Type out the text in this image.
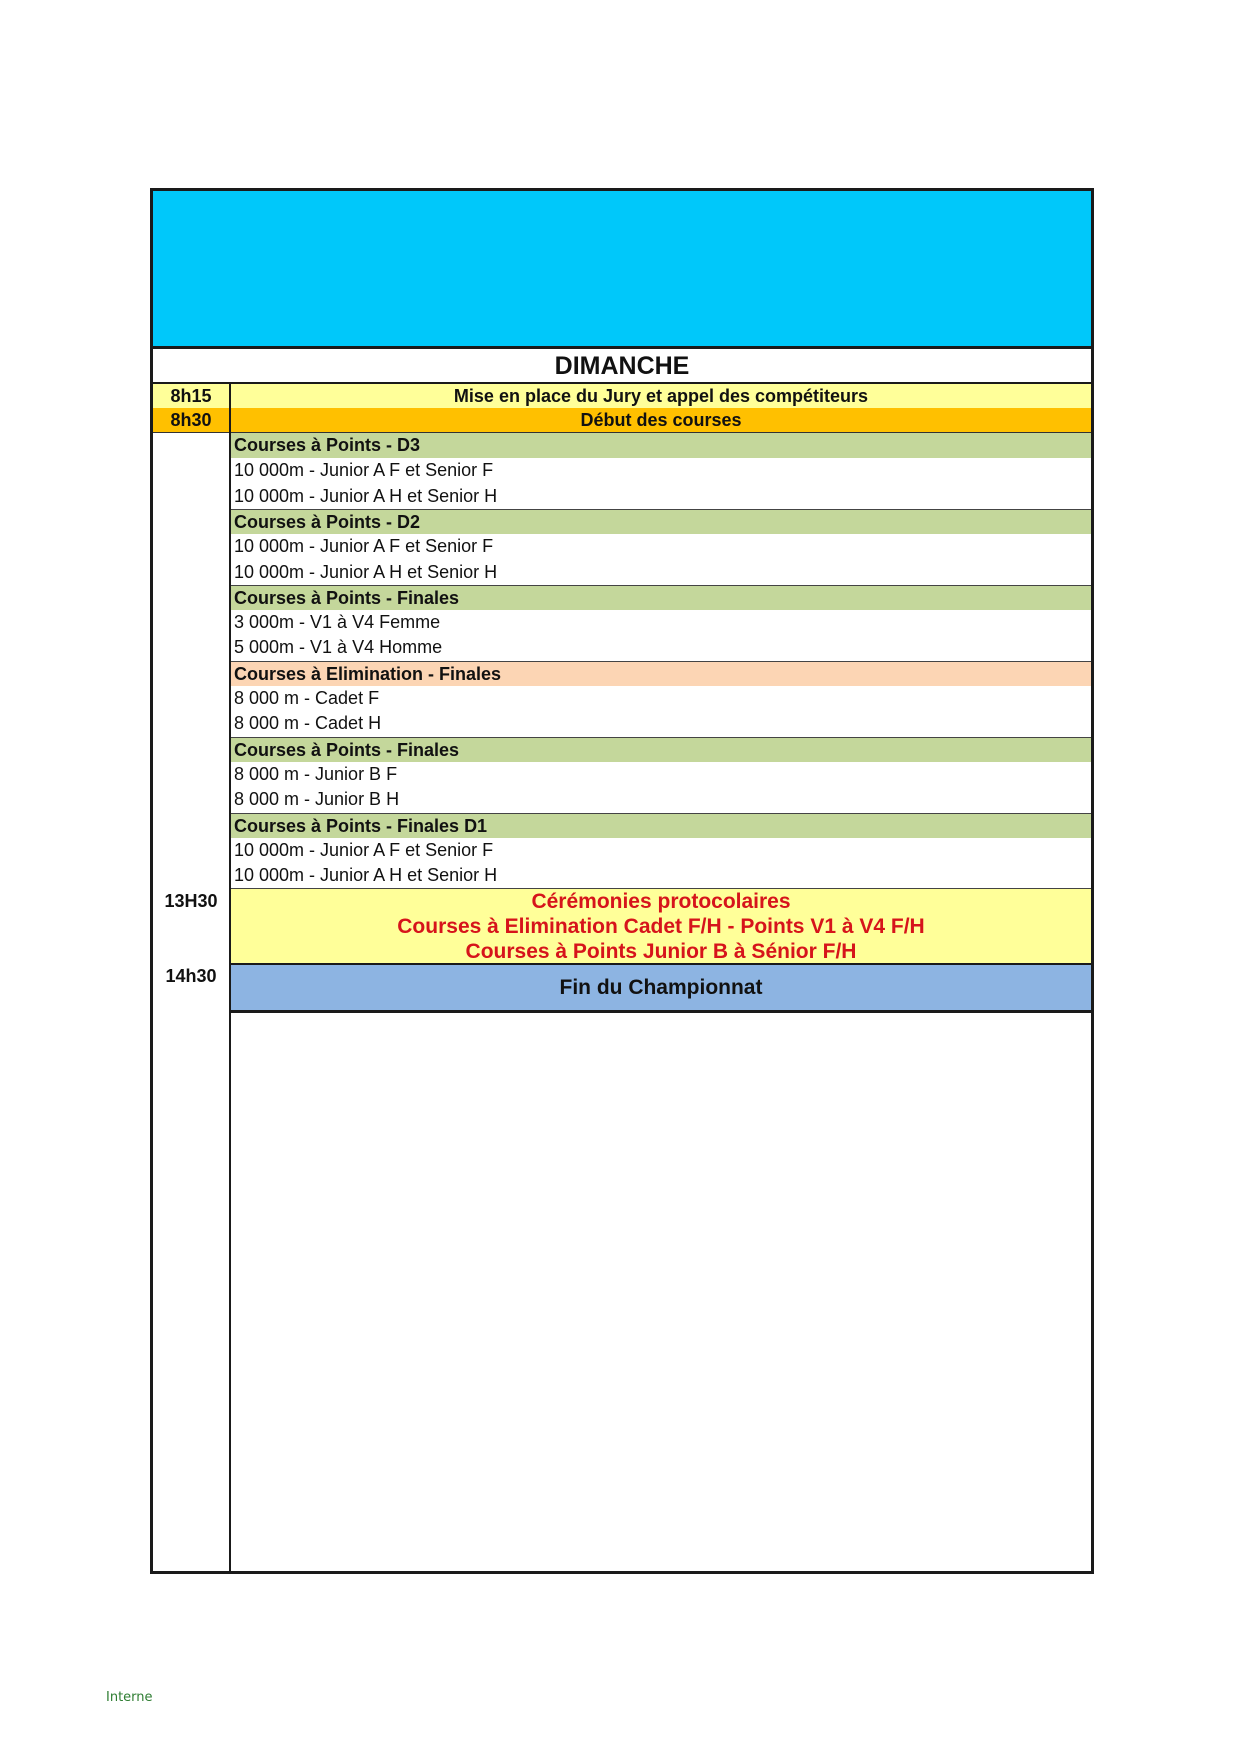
DIMANCHE
8h15	Mise en place du Jury et appel des compétiteurs
8h30	Début des courses
Courses à Points - D3
10 000m - Junior A F et Senior F
10 000m - Junior A H et Senior H
Courses à Points - D2
10 000m - Junior A F et Senior F
10 000m - Junior A H et Senior H
Courses à Points - Finales
3 000m - V1 à V4 Femme
5 000m - V1 à V4 Homme
Courses à Elimination - Finales
8 000 m - Cadet F
8 000 m - Cadet H
Courses à Points - Finales
8 000 m - Junior B F
8 000 m - Junior B H
Courses à Points - Finales D1
10 000m - Junior A F et Senior F
10 000m - Junior A H et Senior H
13H30	Cérémonies protocolaires
Courses à Elimination Cadet F/H - Points V1 à V4 F/H
Courses à Points Junior B à Sénior F/H
14h30	Fin du Championnat
Interne
